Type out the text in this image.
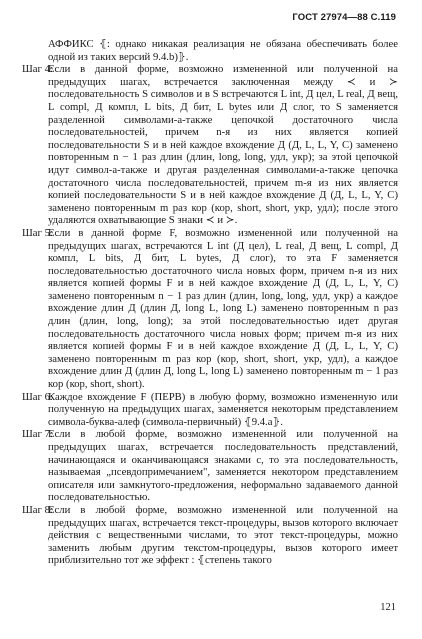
ГОСТ 27974—88 С.119

АФФИКС ⦃: однако никакая реализация не обязана обеспечивать более одной из таких версий 9.4.b)⦄.

Шаг 4:
Если в данной форме, возможно измененной или полученной на предыдущих шагах, встречается заключенная между ≺ и ≻ последовательность S символов и в S встречаются L int, Д цел, L real, Д вещ, L compl, Д компл, L bits, Д бит, L bytes или Д слог, то S заменяется разделенной символами-а-также цепочкой достаточного числа последовательностей, причем n-я из них является копией последовательности S и в ней каждое вхождение Д (Д, L, L, Y, C) заменено повторенным n − 1 раз длин (длин, long, long, удл, укр); за этой цепочкой идут символ-а-также и другая разделенная символами-а-также цепочка достаточного числа последовательностей, причем m-я из них является копией последовательности S и в ней каждое вхождение Д (Д, L, L, Y, C) заменено повторенным m раз кор (кор, short, short, укр, удл); после этого удаляются охватывающие S знаки ≺ и ≻.

Шаг 5:
Если в данной форме F, возможно измененной или полученной на предыдущих шагах, встречаются L int (Д цел), L real, Д вещ, L compl, Д компл, L bits, Д бит, L bytes, Д слог), то эта F заменяется последовательностью достаточного числа новых форм, причем n-я из них является копией формы F и в ней каждое вхождение Д (Д, L, L, Y, C) заменено повторенным n − 1 раз длин (длин, long, long, удл, укр) а каждое вхождение длин Д (длин Д, long L, long L) заменено повторенным n раз длин (длин, long, long); за этой последовательностью идет другая последовательность достаточного числа новых форм; причем m-я из них является копией формы F и в ней каждое вхождение Д (Д, L, L, Y, C) заменено повторенным m раз кор (кор, short, short, укр, удл), а каждое вхождение длин Д (длин Д, long L, long L) заменено повторенным m − 1 раз кор (кор, short, short).

Шаг 6:
Каждое вхождение F (ПЕРВ) в любую форму, возможно измененную или полученную на предыдущих шагах, заменяется некоторым представлением символа-буква-алеф (символа-первичный) ⦃9.4.a⦄.

Шаг 7:
Если в любой форме, возможно измененной или полученной на предыдущих шагах, встречается последовательность представлений, начинающаяся и оканчивающаяся знаками с, то эта последовательность, называемая „псевдопримечанием", заменяется некотором представлением описателя или замкнутого-предложения, неформально задаваемого данной последовательностью.

Шаг 8:
Если в любой форме, возможно измененной или полученной на предыдущих шагах, встречается текст-процедуры, вызов которого включает действия с вещественными числами, то этот текст-процедуры, можно заменить любым другим текстом-процедуры, вызов которого имеет приблизительно тот же эффект : ⦃степень такого

121
